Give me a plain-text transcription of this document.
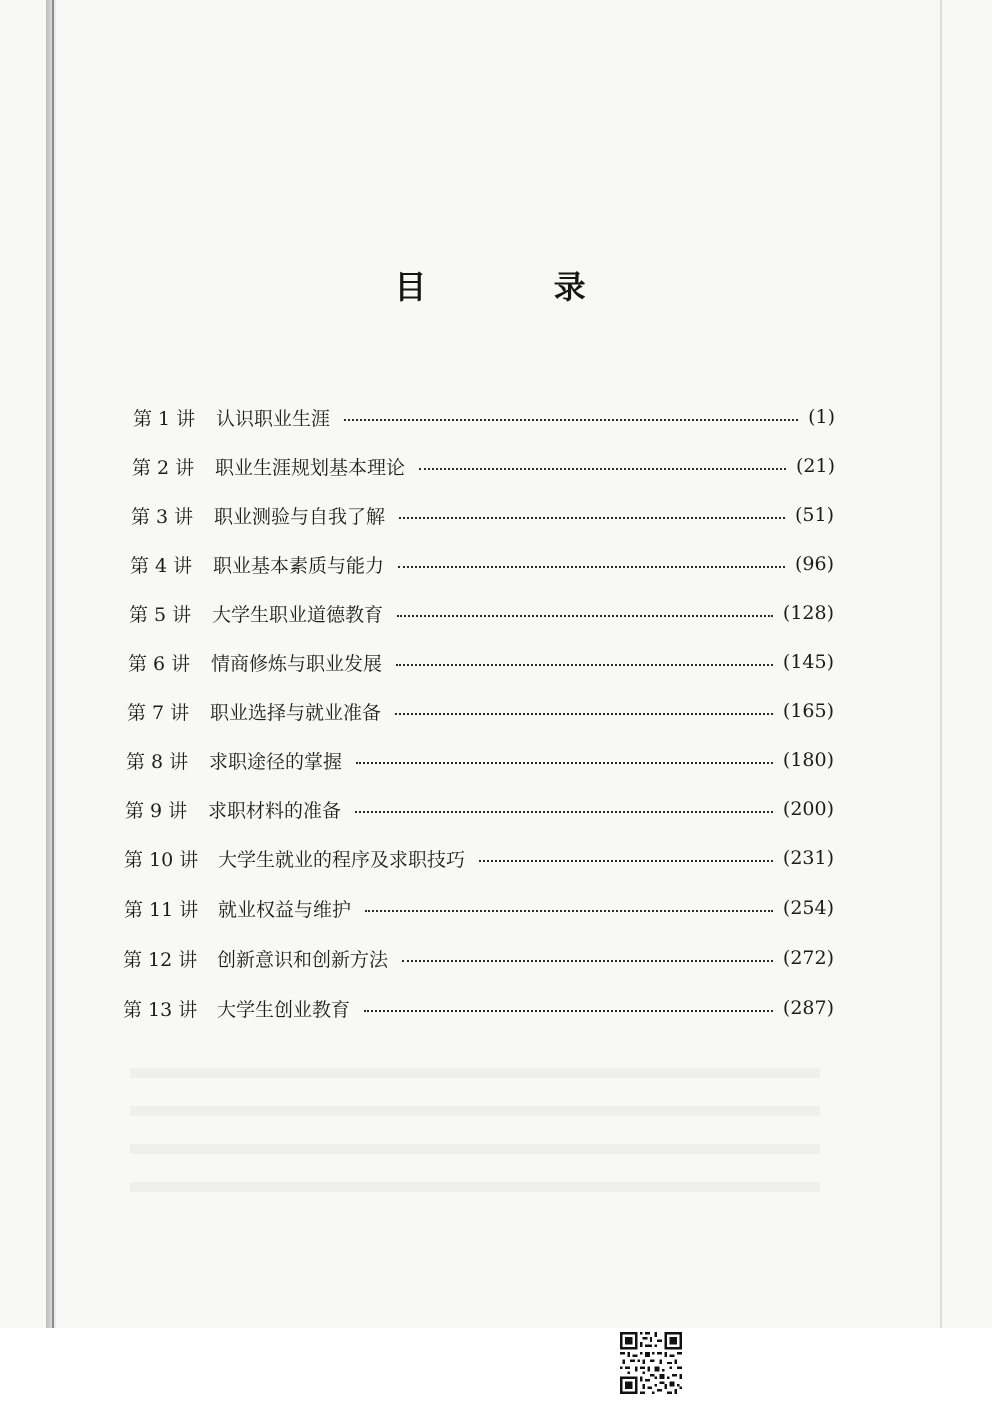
目 录
第 1 讲	认识职业生涯	(1)
第 2 讲	职业生涯规划基本理论	(21)
第 3 讲	职业测验与自我了解	(51)
第 4 讲	职业基本素质与能力	(96)
第 5 讲	大学生职业道德教育	(128)
第 6 讲	情商修炼与职业发展	(145)
第 7 讲	职业选择与就业准备	(165)
第 8 讲	求职途径的掌握	(180)
第 9 讲	求职材料的准备	(200)
第 10 讲	大学生就业的程序及求职技巧	(231)
第 11 讲	就业权益与维护	(254)
第 12 讲	创新意识和创新方法	(272)
第 13 讲	大学生创业教育	(287)
